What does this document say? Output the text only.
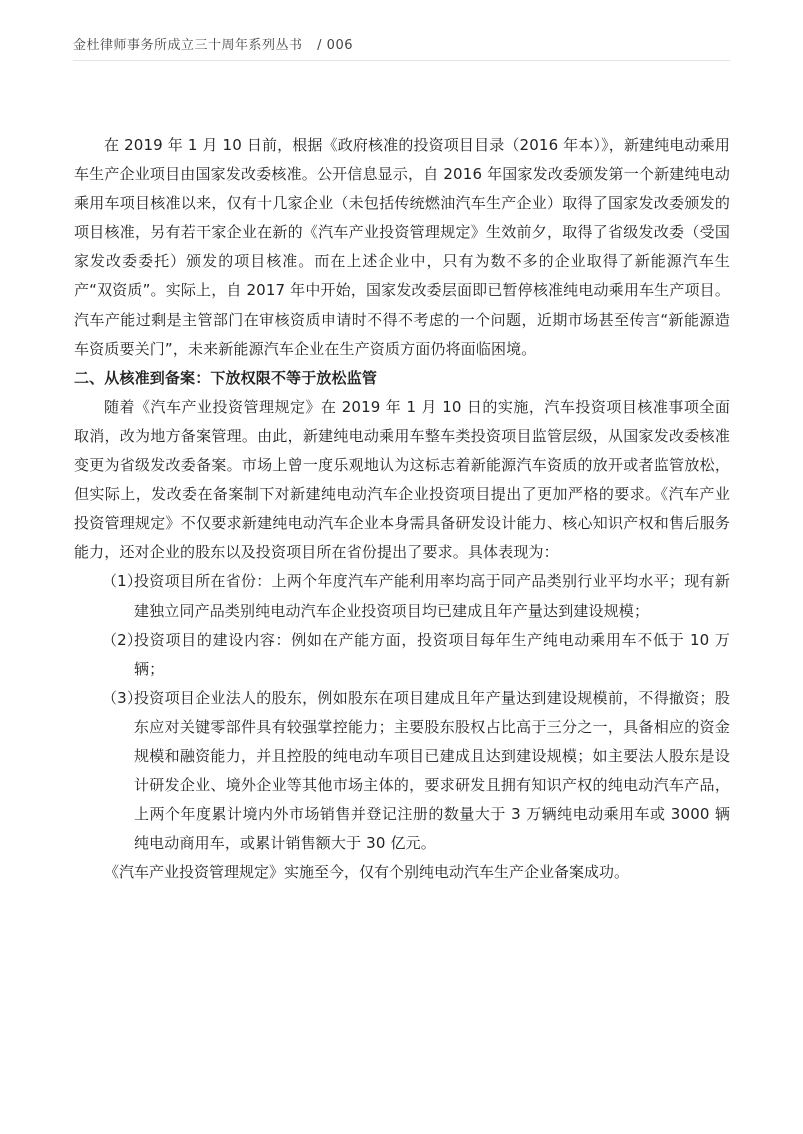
金杜律师事务所成立三十周年系列丛书 / 006

在 2019 年 1 月 10 日前，根据《政府核准的投资项目目录（2016 年本）》，新建纯电动乘用车生产企业项目由国家发改委核准。公开信息显示，自 2016 年国家发改委颁发第一个新建纯电动乘用车项目核准以来，仅有十几家企业（未包括传统燃油汽车生产企业）取得了国家发改委颁发的项目核准，另有若干家企业在新的《汽车产业投资管理规定》生效前夕，取得了省级发改委（受国家发改委委托）颁发的项目核准。而在上述企业中，只有为数不多的企业取得了新能源汽车生产“双资质”。实际上，自 2017 年中开始，国家发改委层面即已暂停核准纯电动乘用车生产项目。汽车产能过剩是主管部门在审核资质申请时不得不考虑的一个问题，近期市场甚至传言“新能源造车资质要关门”，未来新能源汽车企业在生产资质方面仍将面临困境。

二、从核准到备案：下放权限不等于放松监管

随着《汽车产业投资管理规定》在 2019 年 1 月 10 日的实施，汽车投资项目核准事项全面取消，改为地方备案管理。由此，新建纯电动乘用车整车类投资项目监管层级，从国家发改委核准变更为省级发改委备案。市场上曾一度乐观地认为这标志着新能源汽车资质的放开或者监管放松，但实际上，发改委在备案制下对新建纯电动汽车企业投资项目提出了更加严格的要求。《汽车产业投资管理规定》不仅要求新建纯电动汽车企业本身需具备研发设计能力、核心知识产权和售后服务能力，还对企业的股东以及投资项目所在省份提出了要求。具体表现为：

（1）
投资项目所在省份：上两个年度汽车产能利用率均高于同产品类别行业平均水平；现有新建独立同产品类别纯电动汽车企业投资项目均已建成且年产量达到建设规模；
（2）
投资项目的建设内容：例如在产能方面，投资项目每年生产纯电动乘用车不低于 10 万辆；
（3）
投资项目企业法人的股东，例如股东在项目建成且年产量达到建设规模前，不得撤资；股东应对关键零部件具有较强掌控能力；主要股东股权占比高于三分之一，具备相应的资金规模和融资能力，并且控股的纯电动车项目已建成且达到建设规模；如主要法人股东是设计研发企业、境外企业等其他市场主体的，要求研发且拥有知识产权的纯电动汽车产品，上两个年度累计境内外市场销售并登记注册的数量大于 3 万辆纯电动乘用车或 3000 辆纯电动商用车，或累计销售额大于 30 亿元。

《汽车产业投资管理规定》实施至今，仅有个别纯电动汽车生产企业备案成功。
